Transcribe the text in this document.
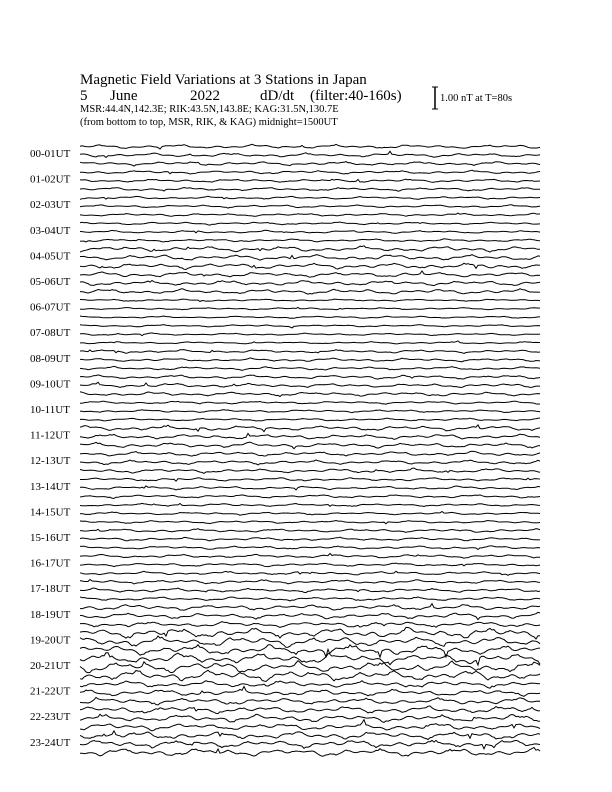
Magnetic Field Variations at 3 Stations in Japan
5 June	2022	dD/dt (filter:40-160s)
MSR:44.4N,142.3E; RIK:43.5N,143.8E; KAG:31.5N,130.7E
(from bottom to top, MSR, RIK, & KAG) midnight=1500UT
1.00 nT at T=80s
00-01UT
01-02UT
02-03UT
03-04UT
04-05UT
05-06UT
06-07UT
07-08UT
08-09UT
09-10UT
10-11UT
11-12UT
12-13UT
13-14UT
14-15UT
15-16UT
16-17UT
17-18UT
18-19UT
19-20UT
20-21UT
21-22UT
22-23UT
23-24UT
